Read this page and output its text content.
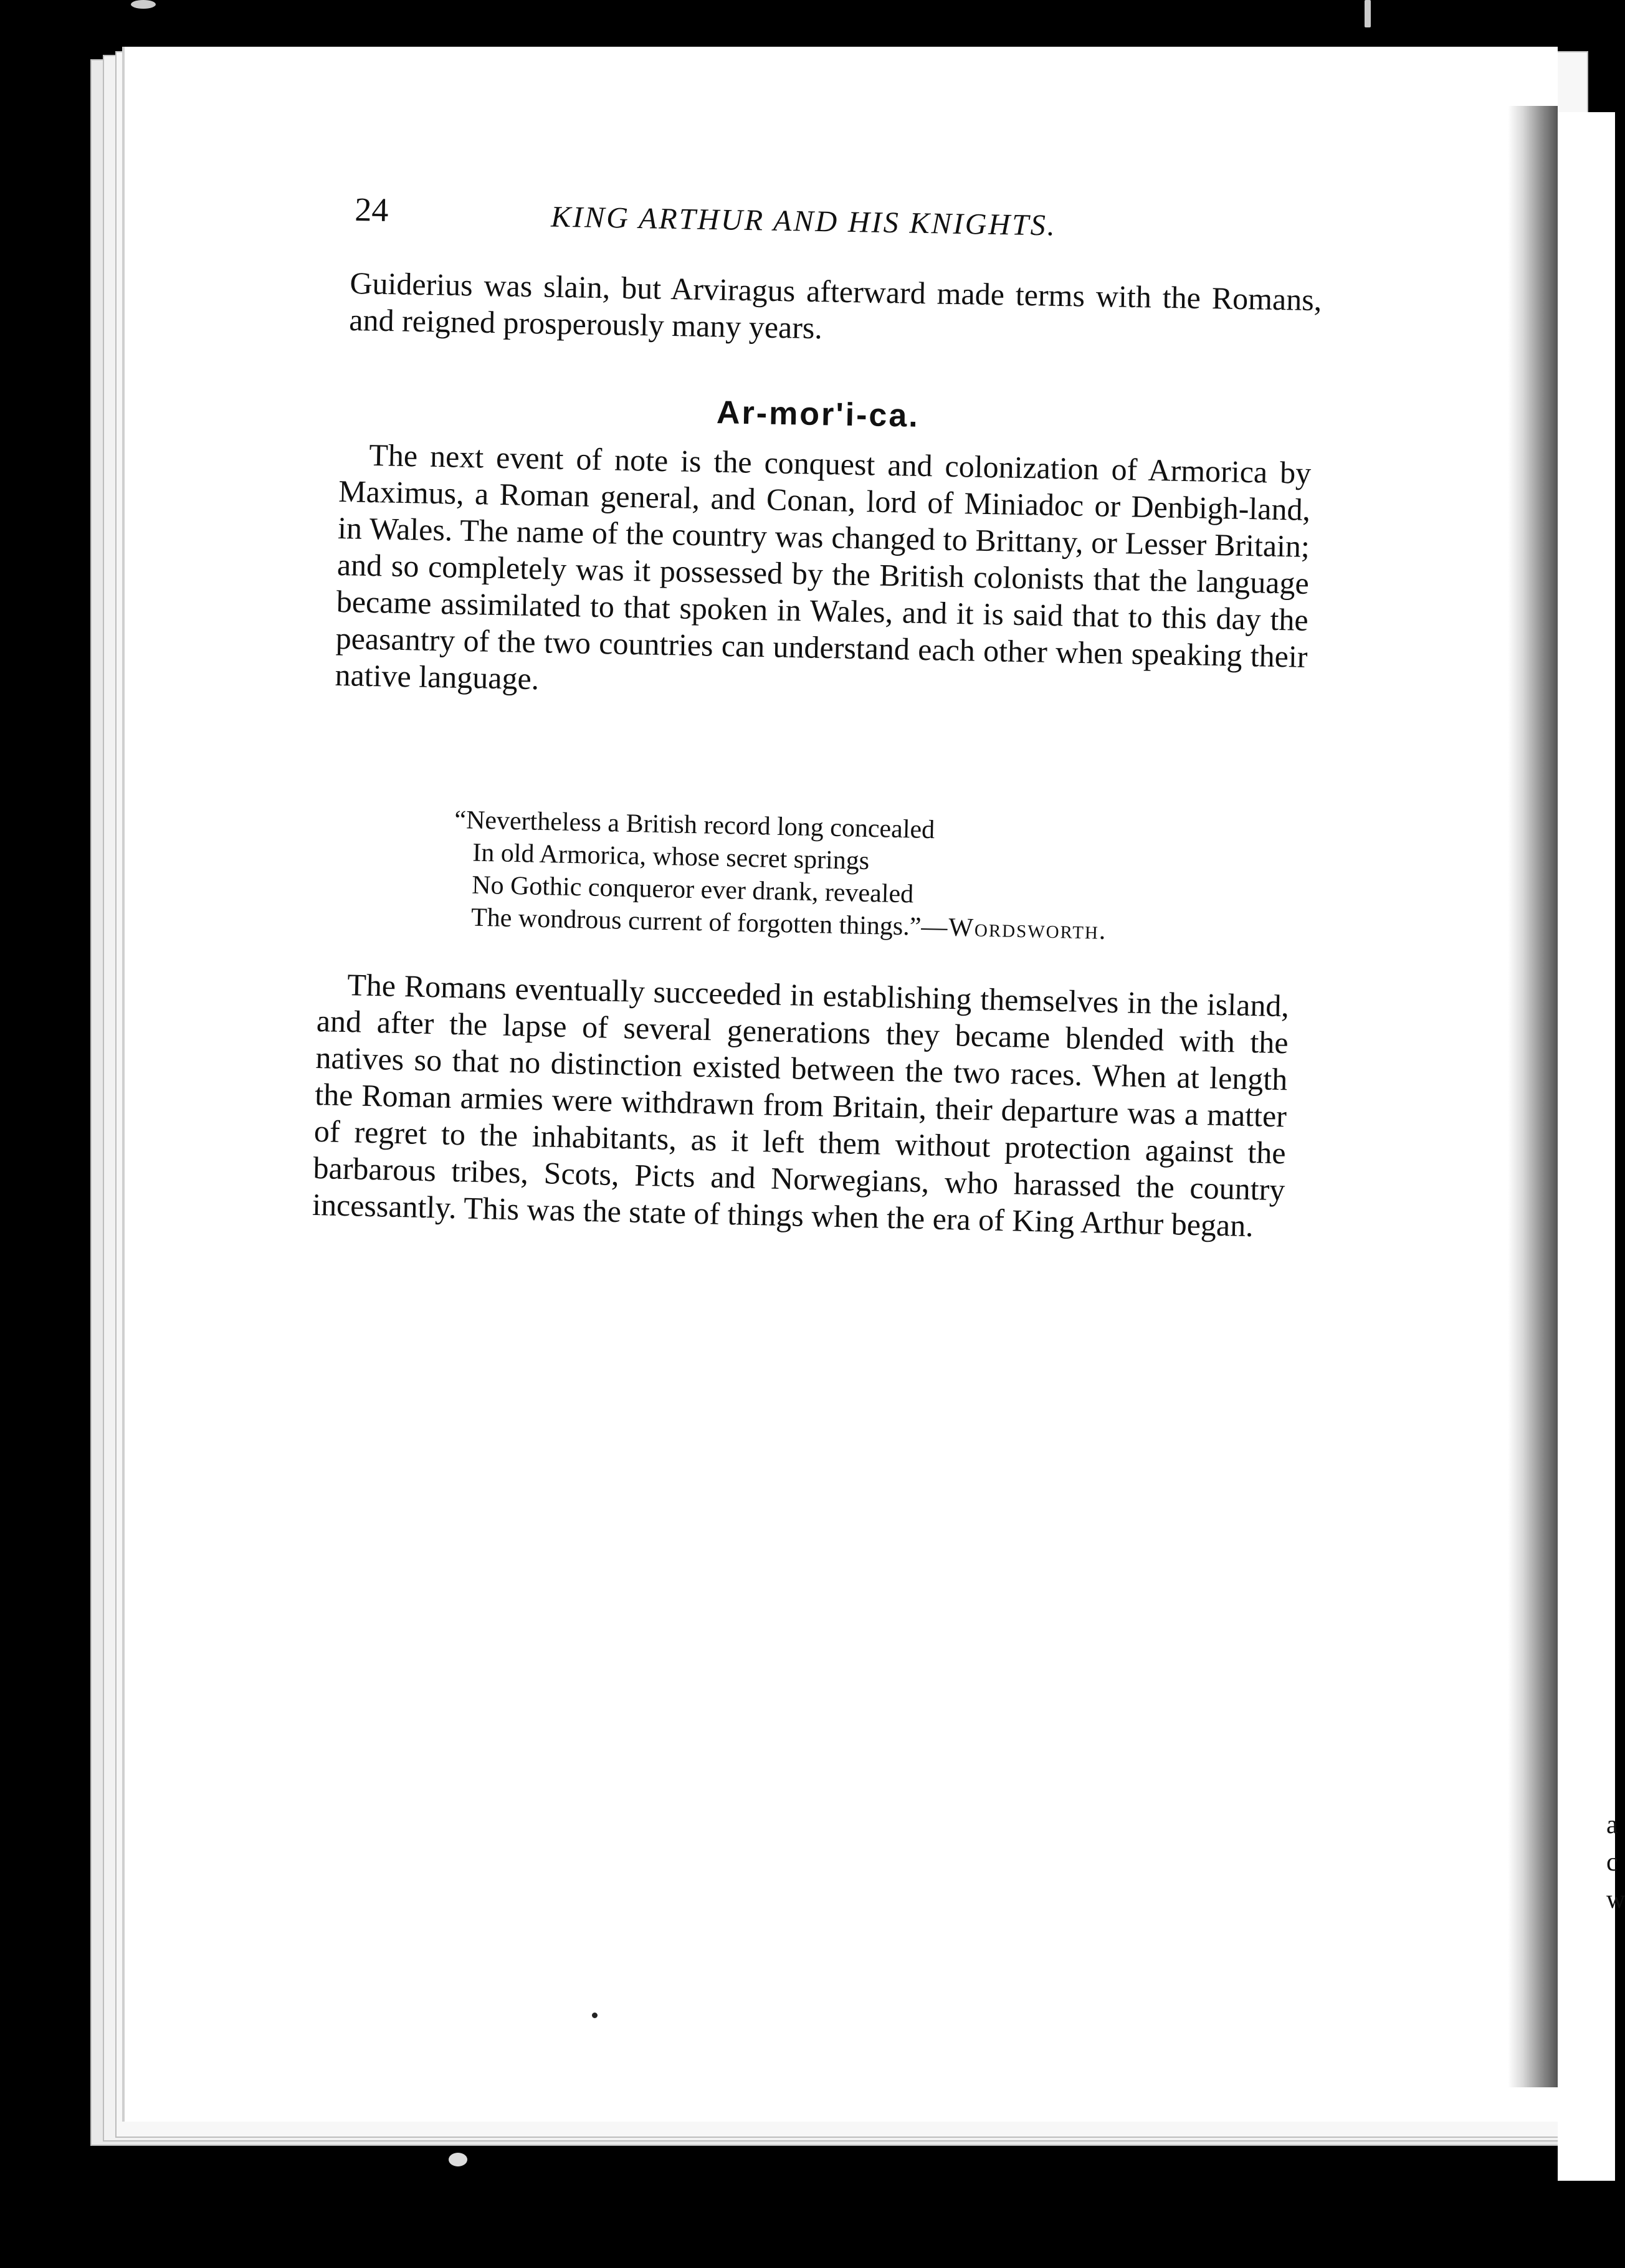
a
c
w
24	KING ARTHUR AND HIS KNIGHTS.

Guiderius was slain, but Arviragus afterward made terms with the Romans, and reigned prosperously many years.

Ar-mor'i-ca.

The next event of note is the conquest and colonization of Armorica by Maximus, a Roman general, and Conan, lord of Miniadoc or Denbigh-land, in Wales. The name of the country was changed to Brittany, or Lesser Britain; and so completely was it possessed by the British colonists that the language became assimilated to that spoken in Wales, and it is said that to this day the peasantry of the two countries can understand each other when speaking their native language.

“Nevertheless a British record long concealed
In old Armorica, whose secret springs
No Gothic conqueror ever drank, revealed
The wondrous current of forgotten things.”—Wordsworth.

The Romans eventually succeeded in establishing themselves in the island, and after the lapse of several generations they became blended with the natives so that no distinction existed between the two races. When at length the Roman armies were withdrawn from Britain, their departure was a matter of regret to the inhabitants, as it left them without protection against the barbarous tribes, Scots, Picts and Norwegians, who harassed the country incessantly. This was the state of things when the era of King Arthur began.
